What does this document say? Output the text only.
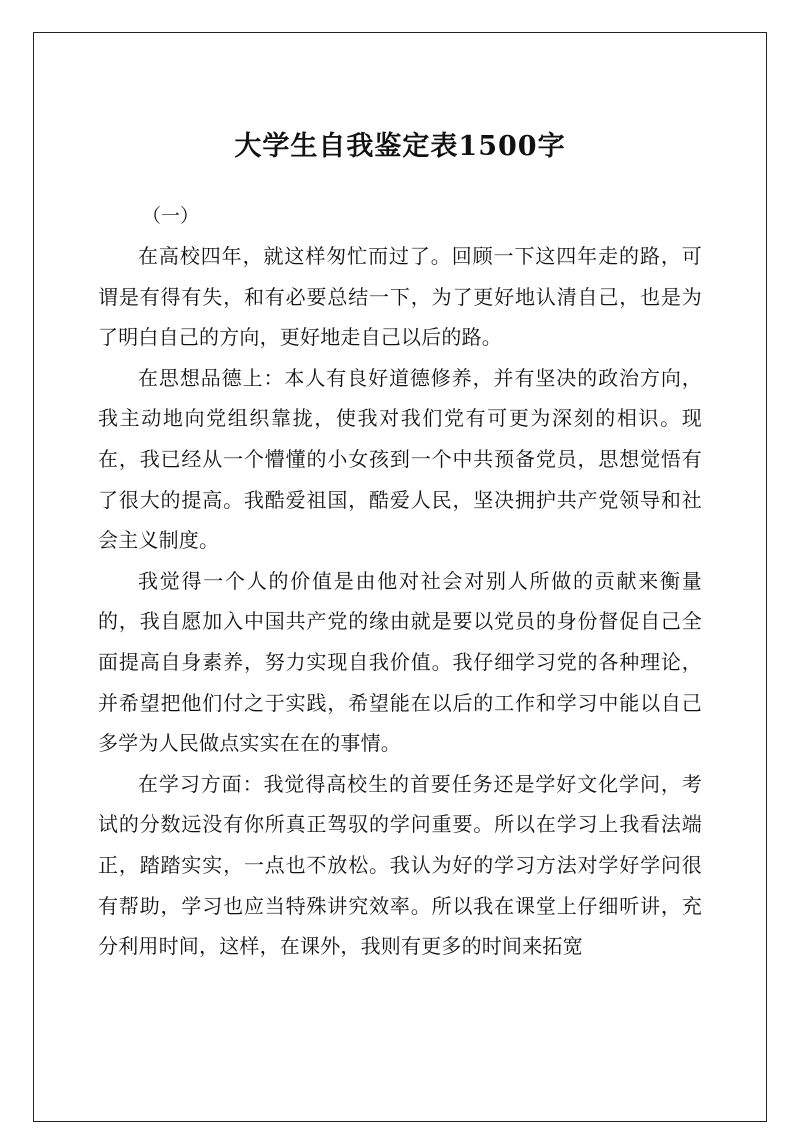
大学生自我鉴定表1500字

（一）

在高校四年，就这样匆忙而过了。回顾一下这四年走的路，可谓是有得有失，和有必要总结一下，为了更好地认清自己，也是为了明白自己的方向，更好地走自己以后的路。

在思想品德上：本人有良好道德修养，并有坚决的政治方向，我主动地向党组织靠拢，使我对我们党有可更为深刻的相识。现在，我已经从一个懵懂的小女孩到一个中共预备党员，思想觉悟有了很大的提高。我酷爱祖国，酷爱人民，坚决拥护共产党领导和社会主义制度。

我觉得一个人的价值是由他对社会对别人所做的贡献来衡量的，我自愿加入中国共产党的缘由就是要以党员的身份督促自己全面提高自身素养，努力实现自我价值。我仔细学习党的各种理论，并希望把他们付之于实践，希望能在以后的工作和学习中能以自己多学为人民做点实实在在的事情。

在学习方面：我觉得高校生的首要任务还是学好文化学问，考试的分数远没有你所真正驾驭的学问重要。所以在学习上我看法端正，踏踏实实，一点也不放松。我认为好的学习方法对学好学问很有帮助，学习也应当特殊讲究效率。所以我在课堂上仔细听讲，充分利用时间，这样，在课外，我则有更多的时间来拓宽
